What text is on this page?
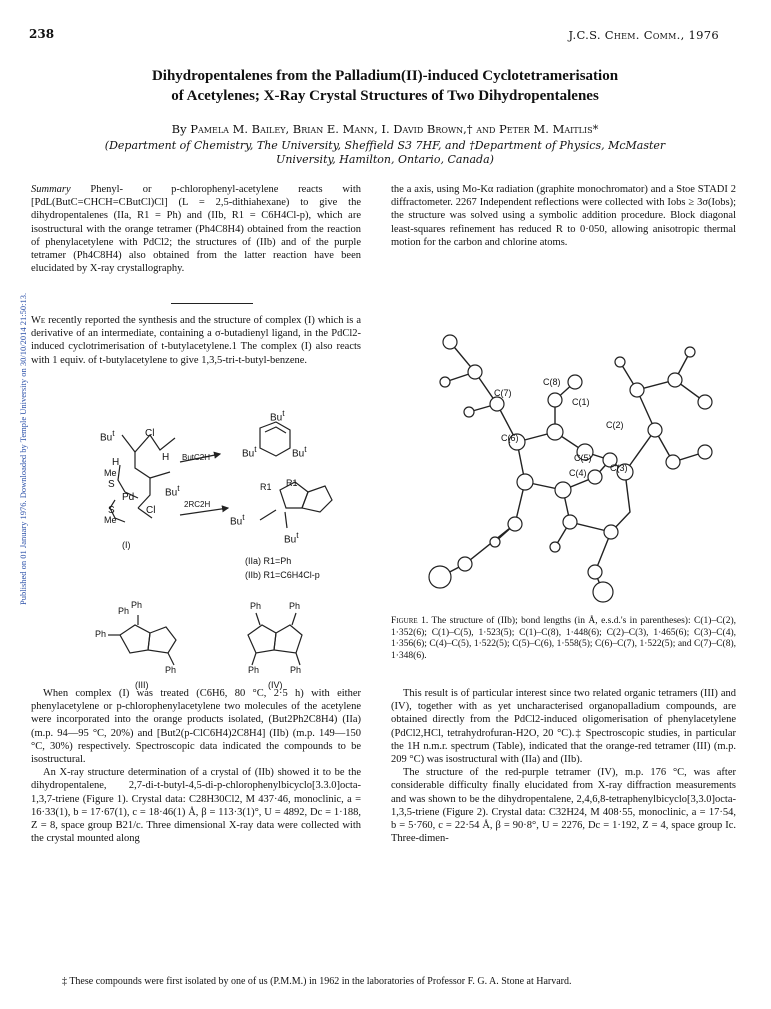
Published on 01 January 1976. Downloaded by Temple University on 30/10/2014 21:50:13.
238	J.C.S. Chem. Comm., 1976
Dihydropentalenes from the Palladium(II)-induced Cyclotetramerisation
of Acetylenes; X-Ray Crystal Structures of Two Dihydropentalenes
By Pamela M. Bailey, Brian E. Mann, I. David Brown,† and Peter M. Maitlis*
(Department of Chemistry, The University, Sheffield S3 7HF, and †Department of Physics, McMaster
University, Hamilton, Ontario, Canada)
Summary Phenyl- or p-chlorophenyl-acetylene reacts with [PdL(ButC=CHCH=CButCl)Cl] (L = 2,5-dithiahexane) to give the dihydropentalenes (IIa, R1 = Ph) and (IIb, R1 = C6H4Cl-p), which are isostructural with the orange tetramer (Ph4C8H4) obtained from the reaction of phenylacetylene with PdCl2; the structures of (IIb) and of the purple tetramer (Ph4C8H4) also obtained from the latter reaction have been elucidated by X-ray crystallography.
We recently reported the synthesis and the structure of complex (I) which is a derivative of an intermediate, containing a σ-butadienyl ligand, in the PdCl2-induced cyclotrimerisation of t-butylacetylene.1 The complex (I) also reacts with 1 equiv. of t-butylacetylene to give 1,3,5-tri-t-butyl-benzene.
the a axis, using Mo-Kα radiation (graphite monochromator) and a Stoe STADI 2 diffractometer. 2267 Independent reflections were collected with Iobs ≥ 3σ(Iobs); the structure was solved using a symbolic addition procedure. Block diagonal least-squares refinement has reduced R to 0·050, allowing anisotropic thermal motion for the carbon and chlorine atoms.
Bu$^t$	Cl
Bu$^t$
Bu$^t$	Bu$^t$
ButC2H
H	H
Me
S
Bu$^t$
Pd
Cl
2RC2H
S
Me
R1 R1
Bu$^t$
Bu$^t$
(I)
(IIa) R1=Ph
(IIb) R1=C6H4Cl-p
Ph
Ph
Ph
Ph
Ph	Ph
Ph	Ph
(III)	(IV)
C(8)
C(7)
C(1)
C(2)
C(6)
C(5)
C(3)
C(4)
Figure 1. The structure of (IIb); bond lengths (in Å, e.s.d.'s in parentheses): C(1)–C(2), 1·352(6); C(1)–C(5), 1·523(5); C(1)–C(8), 1·448(6); C(2)–C(3), 1·465(6); C(3)–C(4), 1·356(6); C(4)–C(5), 1·522(5); C(5)–C(6), 1·558(5); C(6)–C(7), 1·522(5); and C(7)–C(8), 1·348(6).

When complex (I) was treated (C6H6, 80 °C, 2·5 h) with either phenylacetylene or p-chlorophenylacetylene two molecules of the acetylene were incorporated into the orange products isolated, (But2Ph2C8H4) (IIa) (m.p. 94—95 °C, 20%) and [But2(p-ClC6H4)2C8H4] (IIb) (m.p. 149—150 °C, 30%) respectively. Spectroscopic data indicated the compounds to be isostructural.

An X-ray structure determination of a crystal of (IIb) showed it to be the dihydropentalene, 2,7-di-t-butyl-4,5-di-p-chlorophenylbicyclo[3.3.0]octa-1,3,7-triene (Figure 1). Crystal data: C28H30Cl2, M 437·46, monoclinic, a = 16·33(1), b = 17·67(1), c = 18·46(1) Å, β = 113·3(1)°, U = 4892, Dc = 1·188, Z = 8, space group B21/c. Three dimensional X-ray data were collected with the crystal mounted along

This result is of particular interest since two related organic tetramers (III) and (IV), together with as yet uncharacterised organopalladium compounds, are obtained directly from the PdCl2-induced oligomerisation of phenylacetylene (PdCl2,HCl, tetrahydrofuran-H2O, 20 °C).‡ Spectroscopic studies, in particular the 1H n.m.r. spectrum (Table), indicated that the orange-red tetramer (III) (m.p. 209 °C) was isostructural with (IIa) and (IIb).

The structure of the red-purple tetramer (IV), m.p. 176 °C, was after considerable difficulty finally elucidated from X-ray diffraction measurements and was shown to be the dihydropentalene, 2,4,6,8-tetraphenylbicyclo[3,3.0]octa-1,3,5-triene (Figure 2). Crystal data: C32H24, M 408·55, monoclinic, a = 17·54, b = 5·760, c = 22·54 Å, β = 90·8°, U = 2276, Dc = 1·192, Z = 4, space group Ic. Three-dimen-

‡ These compounds were first isolated by one of us (P.M.M.) in 1962 in the laboratories of Professor F. G. A. Stone at Harvard.
